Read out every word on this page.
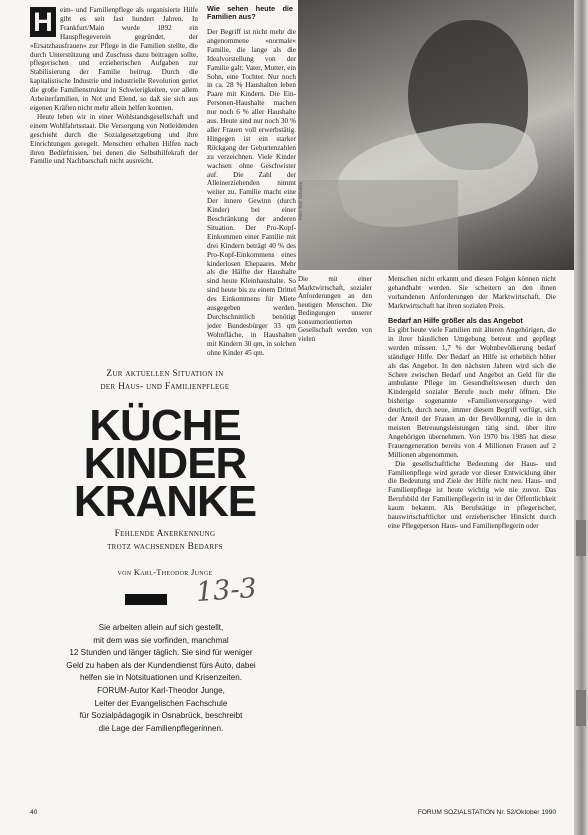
H	eim- und Familienpflege als organisierte Hilfe gibt es seit fast hundert Jahren. In Frankfurt/Main wurde 1892 ein Hauspflegeverein gegründet, der »Ersatzhausfrauen« zur Pflege in die Familien stellte, die durch Unterstützung und Zuschuss dazu beitragen sollte, pflegerischen und erzieherischen Aufgaben zur Stabilisierung der Familie beitrug. Durch die kapitalistische Industrie und industrielle Revolution geriet die große Familienstruktur in Schwierigkeiten, vor allem Arbeiterfamilien, in Not und Elend, so daß sie sich aus eigenen Kräften nicht mehr allein helfen konnten.

Heute leben wir in einer Wohlstandsgesellschaft und einem Wohlfahrtsstaat. Die Versorgung von Notleidenden geschieht durch die Sozialgesetzgebung und ihre Einrichtungen geregelt. Menschen erhalten Hilfen nach ihren Bedürfnissen, bei denen die Selbsthilfekraft der Familie und Nachbarschaft nicht ausreicht.

Wie sehen heute die Familien aus?

Der Begriff ist nicht mehr die angenommene »normale« Familie, die lange als die Idealvorstellung von der Familie galt: Vater, Mutter, ein Sohn, eine Tochter. Nur noch in ca. 28 % Haushalten leben Paare mit Kindern. Die Ein-Personen-Haushalte machen nur noch 6 % aller Haushalte aus. Heute sind nur noch 30 % aller Frauen voll erwerbstätig. Hingegen ist ein starker Rückgang der Geburtenzahlen zu verzeichnen. Viele Kinder wachsen ohne Geschwister auf. Die Zahl der Alleinerziehenden nimmt weiter zu. Familie macht eine Der innere Gewinn (durch Kinder) bei einer Beschränkung der anderen Situation. Der Pro-Kopf-Einkommen einer Familie mit drei Kindern beträgt 40 % des Pro-Kopf-Einkommens eines kinderlosen Ehepaares. Mehr als die Hälfte der Haushalte sind heute Kleinhaushalte. So sind heute bis zu einem Drittel des Einkommens für Miete ausgegeben werden. Durchschnittlich benötigt jeder Bundesbürger 33 qm Wohnfläche, in Haushalten mit Kindern 30 qm, in solchen ohne Kinder 45 qm.

Foto: Rolf Schulten

Die mit einer Marktwirtschaft, sozialer Anforderungen an den heutigen Menschen. Die Bedingungen unserer konsumorientierten Gesellschaft werden von vielen

Menschen nicht erkannt und diesen Folgen können nicht gehandhabt werden. Sie scheitern an den ihnen vorhandenen Anforderungen der Marktwirtschaft. Die Marktwirtschaft hat ihren sozialen Preis.

Bedarf an Hilfe größer als das Angebot

Es gibt heute viele Familien mit älteren Angehörigen, die in ihrer häuslichen Umgebung betreut und gepflegt werden müssen. 1,7 % der Wohnbevölkerung bedarf ständiger Hilfe. Der Bedarf an Hilfe ist erheblich höher als das Angebot. In den nächsten Jahren wird sich die Schere zwischen Bedarf und Angebot an Geld für die ambulante Pflege im Gesundheitswesen durch den Kindergeld sozialer Berufe noch mehr öffnen. Die bisherige sogenannte »Familienversorgung« wird deutlich, durch neue, immer diesem Begriff verfügt, sich der Anteil der Frauen an der Bevölkerung, die in den meisten Betreuungsleistungen tätig sind, über ihre Angehörigen übernehmen. Von 1970 bis 1985 hat diese Frauengeneration bereits von 4 Millionen Frauen auf 2 Millionen abgenommen.

Die gesellschaftliche Bedeutung der Haus- und Familienpflege wird gerade vor dieser Entwicklung über die Bedeutung und Ziele der Hilfe nicht neu. Haus- und Familienpflege ist heute wichtig wie nie zuvor. Das Berufsbild der Familienpflegerin ist in der Öffentlichkeit kaum bekannt. Als Berufstätige in pflegerischer, hauswirtschaftlicher und erzieherischer Hinsicht durch eine Pflegeperson Haus- und Familienpflegerin oder

Zur aktuellen Situation in
der Haus- und Familienpflege
KÜCHE
KINDER
KRANKE
Fehlende Anerkennung
trotz wachsenden Bedarfs
von Karl-Theodor Junge
13-3
Sie arbeiten allein auf sich gestellt,
mit dem was sie vorfinden, manchmal
12 Stunden und länger täglich. Sie sind für weniger
Geld zu haben als der Kundendienst fürs Auto, dabei
helfen sie in Notsituationen und Krisenzeiten.
FORUM-Autor Karl-Theodor Junge,
Leiter der Evangelischen Fachschule
für Sozialpädagogik in Osnabrück, beschreibt
die Lage der Familienpflegerinnen.
40	FORUM SOZIALSTATION Nr. 52/Oktober 1990
